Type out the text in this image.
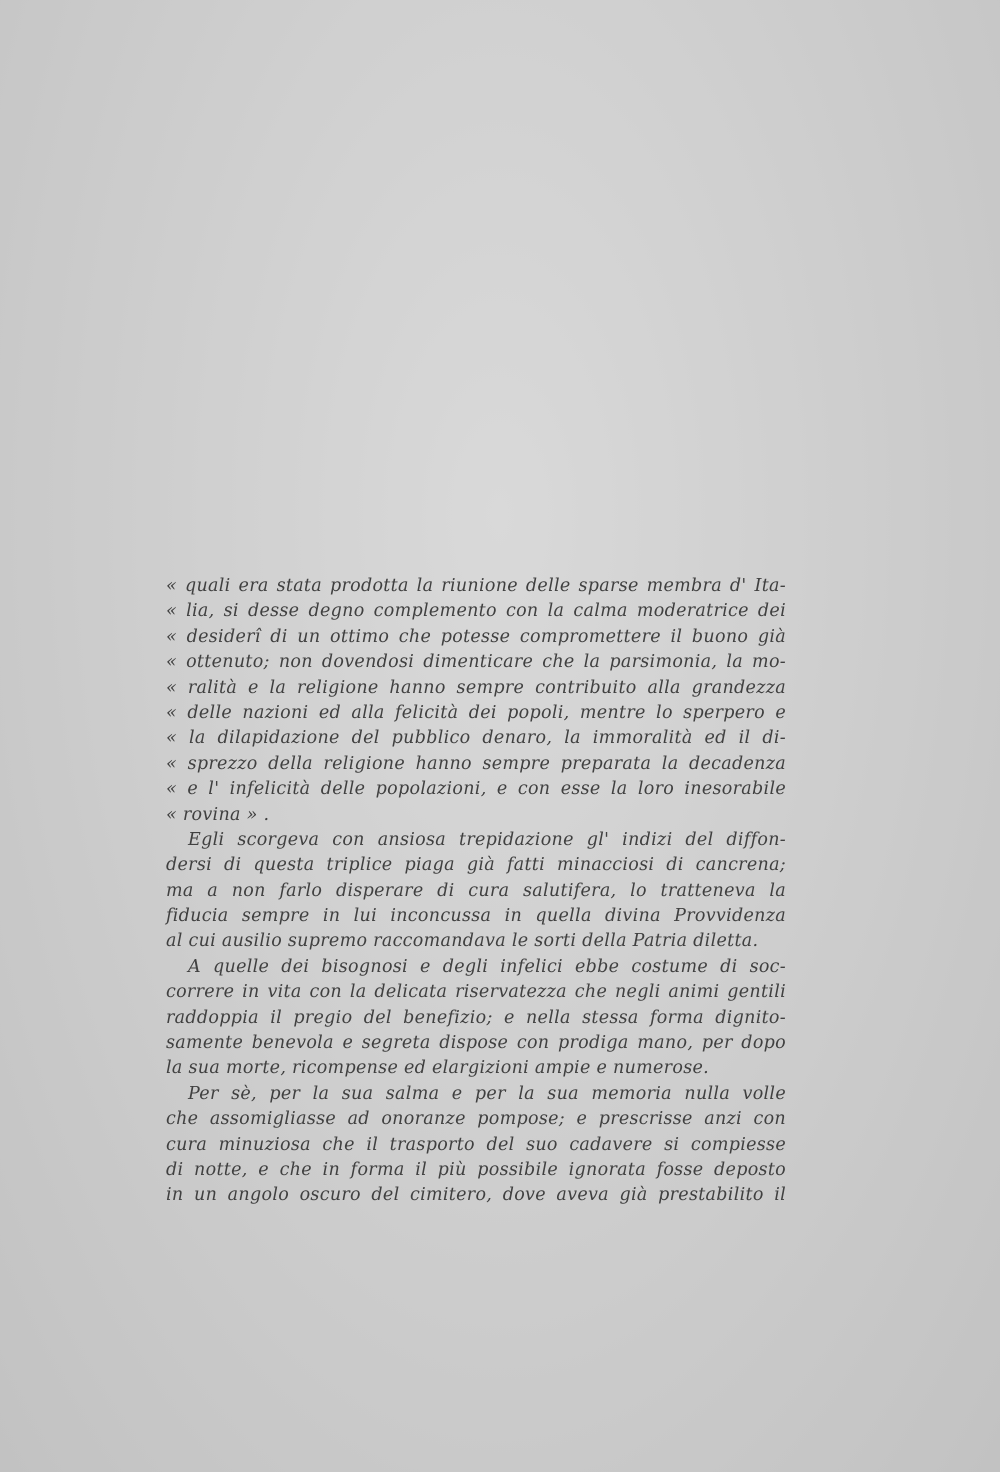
« quali era stata prodotta la riunione delle sparse membra d' Ita-
« lia, si desse degno complemento con la calma moderatrice dei
« desiderî di un ottimo che potesse compromettere il buono già
« ottenuto; non dovendosi dimenticare che la parsimonia, la mo-
« ralità e la religione hanno sempre contribuito alla grandezza
« delle nazioni ed alla felicità dei popoli, mentre lo sperpero e
« la dilapidazione del pubblico denaro, la immoralità ed il di-
« sprezzo della religione hanno sempre preparata la decadenza
« e l' infelicità delle popolazioni, e con esse la loro inesorabile
« rovina » .
Egli scorgeva con ansiosa trepidazione gl' indizi del diffon-
dersi di questa triplice piaga già fatti minacciosi di cancrena;
ma a non farlo disperare di cura salutifera, lo tratteneva la
fiducia sempre in lui inconcussa in quella divina Provvidenza
al cui ausilio supremo raccomandava le sorti della Patria diletta.
A quelle dei bisognosi e degli infelici ebbe costume di soc-
correre in vita con la delicata riservatezza che negli animi gentili
raddoppia il pregio del benefizio; e nella stessa forma dignito-
samente benevola e segreta dispose con prodiga mano, per dopo
la sua morte, ricompense ed elargizioni ampie e numerose.
Per sè, per la sua salma e per la sua memoria nulla volle
che assomigliasse ad onoranze pompose; e prescrisse anzi con
cura minuziosa che il trasporto del suo cadavere si compiesse
di notte, e che in forma il più possibile ignorata fosse deposto
in un angolo oscuro del cimitero, dove aveva già prestabilito il
